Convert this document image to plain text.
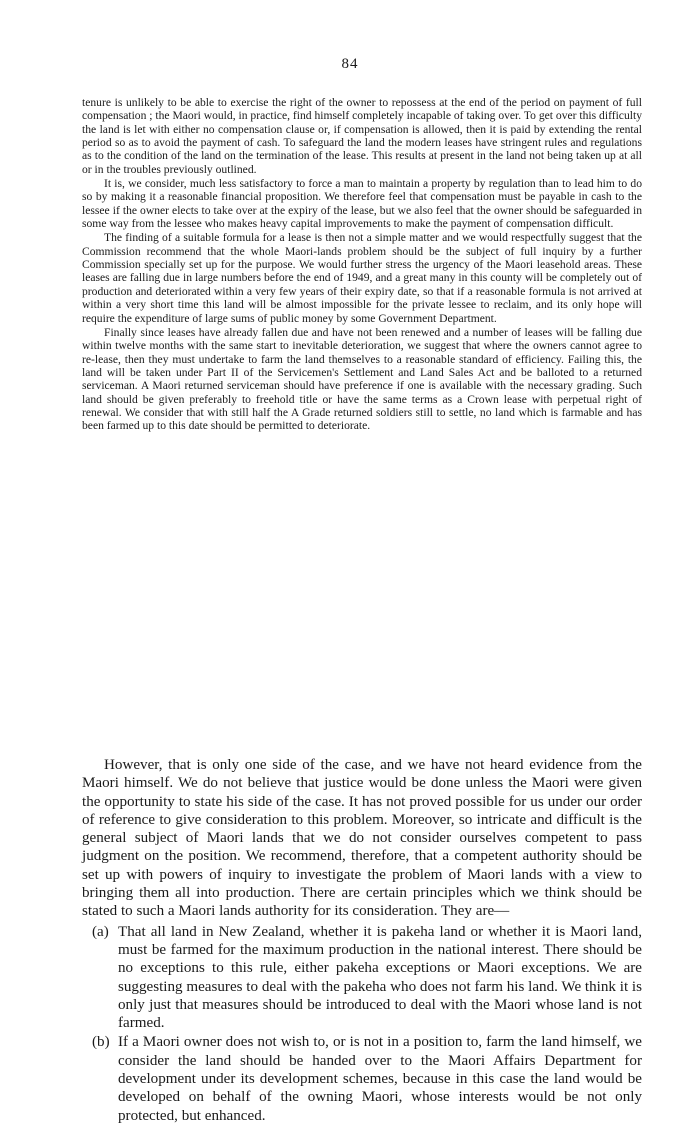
84

tenure is unlikely to be able to exercise the right of the owner to repossess at the end of the period on payment of full compensation ; the Maori would, in practice, find himself completely incapable of taking over. To get over this difficulty the land is let with either no compensation clause or, if compensation is allowed, then it is paid by extending the rental period so as to avoid the payment of cash. To safeguard the land the modern leases have stringent rules and regulations as to the condition of the land on the termination of the lease. This results at present in the land not being taken up at all or in the troubles previously outlined.

It is, we consider, much less satisfactory to force a man to maintain a property by regulation than to lead him to do so by making it a reasonable financial proposition. We therefore feel that compensation must be payable in cash to the lessee if the owner elects to take over at the expiry of the lease, but we also feel that the owner should be safeguarded in some way from the lessee who makes heavy capital improvements to make the payment of compensation difficult.

The finding of a suitable formula for a lease is then not a simple matter and we would respectfully suggest that the Commission recommend that the whole Maori-lands problem should be the subject of full inquiry by a further Commission specially set up for the purpose. We would further stress the urgency of the Maori leasehold areas. These leases are falling due in large numbers before the end of 1949, and a great many in this county will be completely out of production and deteriorated within a very few years of their expiry date, so that if a reasonable formula is not arrived at within a very short time this land will be almost impossible for the private lessee to reclaim, and its only hope will require the expenditure of large sums of public money by some Government Department.

Finally since leases have already fallen due and have not been renewed and a number of leases will be falling due within twelve months with the same start to inevitable deterioration, we suggest that where the owners cannot agree to re-lease, then they must undertake to farm the land themselves to a reasonable standard of efficiency. Failing this, the land will be taken under Part II of the Servicemen's Settlement and Land Sales Act and be balloted to a returned serviceman. A Maori returned serviceman should have preference if one is available with the necessary grading. Such land should be given preferably to freehold title or have the same terms as a Crown lease with perpetual right of renewal. We consider that with still half the A Grade returned soldiers still to settle, no land which is farmable and has been farmed up to this date should be permitted to deteriorate.

However, that is only one side of the case, and we have not heard evidence from the Maori himself. We do not believe that justice would be done unless the Maori were given the opportunity to state his side of the case. It has not proved possible for us under our order of reference to give consideration to this problem. Moreover, so intricate and difficult is the general subject of Maori lands that we do not consider ourselves competent to pass judgment on the position. We recommend, therefore, that a competent authority should be set up with powers of inquiry to investigate the problem of Maori lands with a view to bringing them all into production. There are certain principles which we think should be stated to such a Maori lands authority for its consideration. They are—

(a) That all land in New Zealand, whether it is pakeha land or whether it is Maori land, must be farmed for the maximum production in the national interest. There should be no exceptions to this rule, either pakeha exceptions or Maori exceptions. We are suggesting measures to deal with the pakeha who does not farm his land. We think it is only just that measures should be introduced to deal with the Maori whose land is not farmed.
(b) If a Maori owner does not wish to, or is not in a position to, farm the land himself, we consider the land should be handed over to the Maori Affairs Department for development under its development schemes, because in this case the land would be developed on behalf of the owning Maori, whose interests would be not only protected, but enhanced.
